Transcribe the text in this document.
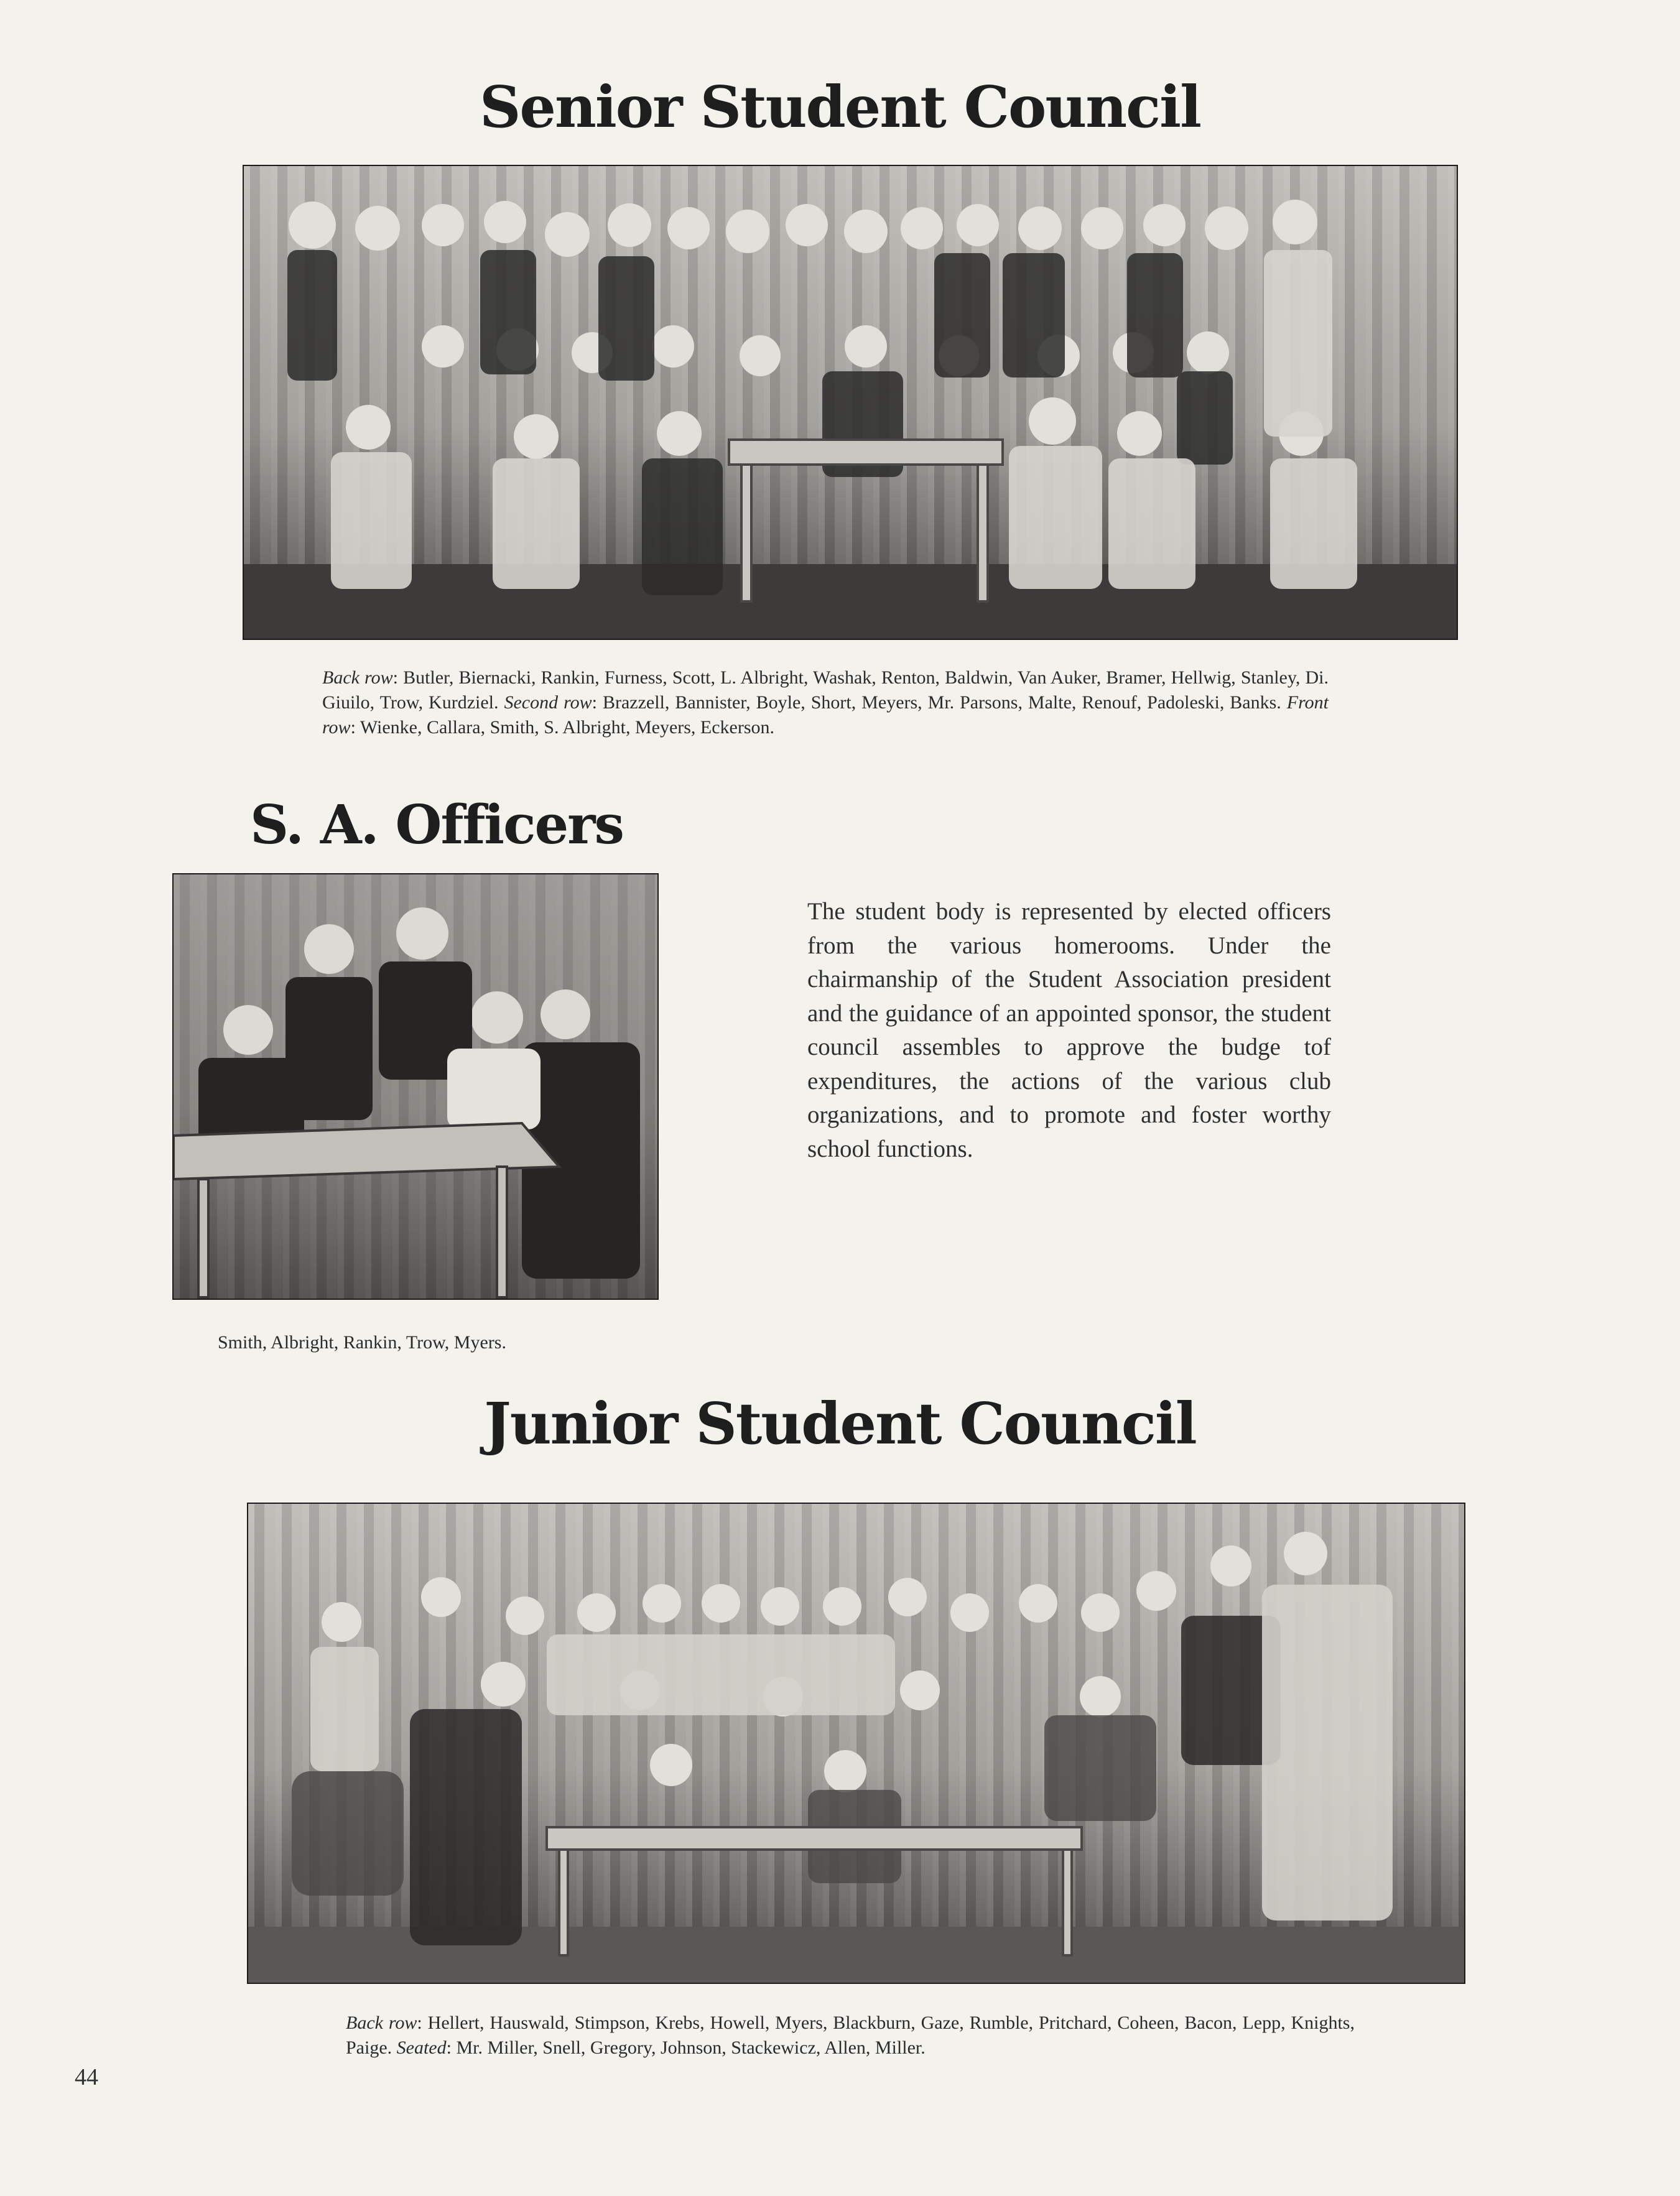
Senior Student Council

Back row: Butler, Biernacki, Rankin, Furness, Scott, L. Albright, Washak, Renton, Baldwin, Van Auker, Bramer, Hellwig, Stanley, Di. Giuilo, Trow, Kurdziel. Second row: Brazzell, Bannister, Boyle, Short, Meyers, Mr. Parsons, Malte, Renouf, Padoleski, Banks. Front row: Wienke, Callara, Smith, S. Albright, Meyers, Eckerson.

S. A. Officers

The student body is represented by elected officers from the various homerooms. Under the chairmanship of the Student Association president and the guidance of an appointed sponsor, the student council assembles to approve the budge tof expenditures, the actions of the various club organizations, and to promote and foster worthy school functions.

Smith, Albright, Rankin, Trow, Myers.

Junior Student Council

Back row: Hellert, Hauswald, Stimpson, Krebs, Howell, Myers, Blackburn, Gaze, Rumble, Pritchard, Coheen, Bacon, Lepp, Knights, Paige. Seated: Mr. Miller, Snell, Gregory, Johnson, Stackewicz, Allen, Miller.

44
